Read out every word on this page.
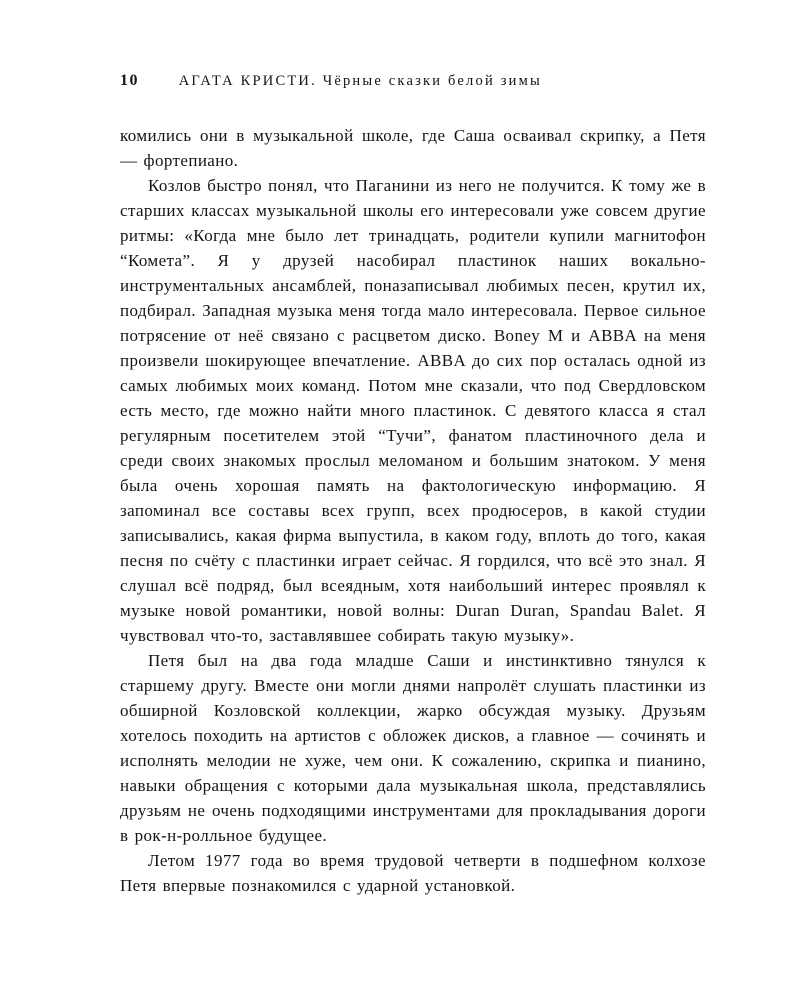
10	АГАТА КРИСТИ. Чёрные сказки белой зимы

комились они в музыкальной школе, где Саша осваивал скрипку, а Петя — фортепиано.

Козлов быстро понял, что Паганини из него не получится. К тому же в старших классах музыкальной школы его интересовали уже совсем другие ритмы: «Когда мне было лет тринадцать, родители купили магнитофон “Комета”. Я у друзей насобирал пластинок наших вокально-инструментальных ансамблей, поназаписывал любимых песен, крутил их, подбирал. Западная музыка меня тогда мало интересовала. Первое сильное потрясение от неё связано с расцветом диско. Boney M и ABBA на меня произвели шокирующее впечатление. ABBA до сих пор осталась одной из самых любимых моих команд. Потом мне сказали, что под Свердловском есть место, где можно найти много пластинок. С девятого класса я стал регулярным посетителем этой “Тучи”, фанатом пластиночного дела и среди своих знакомых прослыл меломаном и большим знатоком. У меня была очень хорошая память на фактологическую информацию. Я запоминал все составы всех групп, всех продюсеров, в какой студии записывались, какая фирма выпустила, в каком году, вплоть до того, какая песня по счёту с пластинки играет сейчас. Я гордился, что всё это знал. Я слушал всё подряд, был всеядным, хотя наибольший интерес проявлял к музыке новой романтики, новой волны: Duran Duran, Spandau Balet. Я чувствовал что-то, заставлявшее собирать такую музыку».

Петя был на два года младше Саши и инстинктивно тянулся к старшему другу. Вместе они могли днями напролёт слушать пластинки из обширной Козловской коллекции, жарко обсуждая музыку. Друзьям хотелось походить на артистов с обложек дисков, а главное — сочинять и исполнять мелодии не хуже, чем они. К сожалению, скрипка и пианино, навыки обращения с которыми дала музыкальная школа, представлялись друзьям не очень подходящими инструментами для прокладывания дороги в рок-н-ролльное будущее.

Летом 1977 года во время трудовой четверти в подшефном колхозе Петя впервые познакомился с ударной установкой.
